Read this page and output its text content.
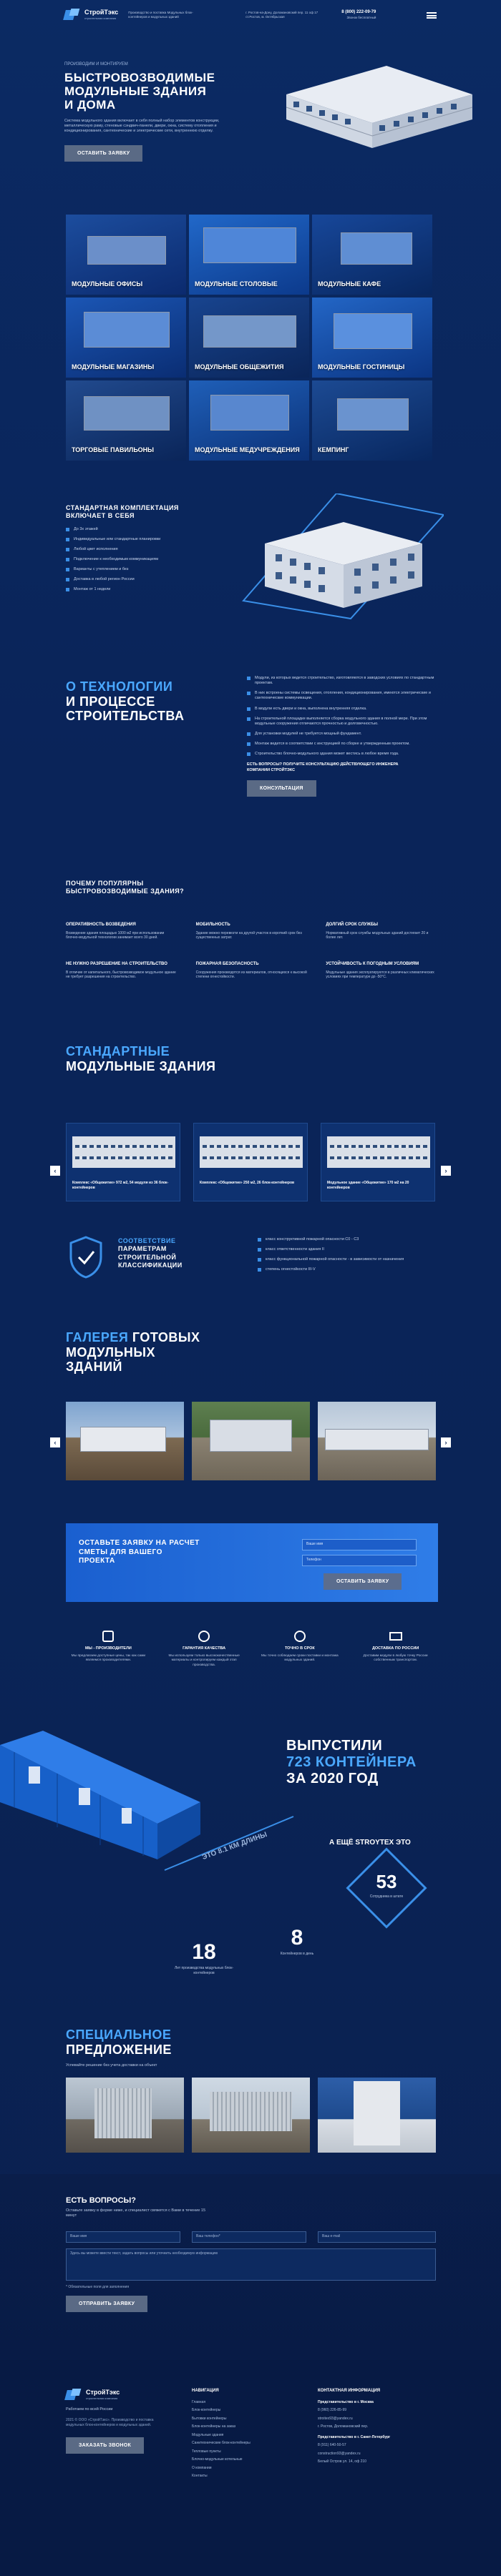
СтройТэкс
строительная компания
Производство и поставка Модульных блок-контейнеров и модульных зданий
г. Ростов-на-Дону, Доломановский пер. 11 оф 17 ст.Ростов, м. Октябрьская
8 (800) 222-09-79
Звонок бесплатный
ПРОИЗВОДИМ И МОНТИРУЕМ
БЫСТРОВОЗВОДИМЫЕ
МОДУЛЬНЫЕ ЗДАНИЯ
И ДОМА
Система модульного здания включает в себя полный набор элементов конструкции, металлическую раму, стеновые сэндвич-панели, двери, окна, систему отопления и кондиционирования, сантехнические и электрические сети, внутреннюю отделку.
ОСТАВИТЬ ЗАЯВКУ
МОДУЛЬНЫЕ ОФИСЫ	МОДУЛЬНЫЕ СТОЛОВЫЕ	МОДУЛЬНЫЕ КАФЕ
МОДУЛЬНЫЕ МАГАЗИНЫ	МОДУЛЬНЫЕ ОБЩЕЖИТИЯ	МОДУЛЬНЫЕ ГОСТИНИЦЫ
ТОРГОВЫЕ ПАВИЛЬОНЫ	МОДУЛЬНЫЕ МЕДУЧРЕЖДЕНИЯ	КЕМПИНГ
СТАНДАРТНАЯ КОМПЛЕКТАЦИЯ
ВКЛЮЧАЕТ В СЕБЯ
До 3х этажей
Индивидуальные или стандартные планировки
Любой цвет исполнения
Подключение к необходимым коммуникациям
Варианты с утеплением и без
Доставка в любой регион России
Монтаж от 1 недели
О ТЕХНОЛОГИИ
И ПРОЦЕССЕ
СТРОИТЕЛЬСТВА
Модули, из которых ведется строительство, изготовляются в заводских условиях по стандартным проектам.
В них встроены системы освещения, отопления, кондиционирования, имеются электрические и сантехнические коммуникации.
В модули есть двери и окна, выполнена внутренняя отделка.
На строительной площадке выполняется сборка модульного здания в полной мере. При этом модульные сооружения отличаются прочностью и долговечностью.
Для установки модулей не требуется мощный фундамент.
Монтаж ведется в соответствии с инструкцией по сборке и утвержденным проектом.
Строительство блочно-модульного здания может вестись в любое время года.
ЕСТЬ ВОПРОСЫ? ПОЛУЧИТЕ КОНСУЛЬТАЦИЮ ДЕЙСТВУЮЩЕГО ИНЖЕНЕРА КОМПАНИИ СТРОЙТЭКС
КОНСУЛЬТАЦИЯ
ПОЧЕМУ ПОПУЛЯРНЫ
БЫСТРОВОЗВОДИМЫЕ ЗДАНИЯ?
ОПЕРАТИВНОСТЬ ВОЗВЕДЕНИЯ
Возведение здания площадью 1000 м2 при использовании блочно-модульной технологии занимает всего 30 дней.
МОБИЛЬНОСТЬ
Здание можно перевезти на другой участок в короткий срок без существенных затрат.
ДОЛГИЙ СРОК СЛУЖБЫ
Нормативный срок службы модульных зданий достигает 20 и более лет.
НЕ НУЖНО РАЗРЕШЕНИЕ НА СТРОИТЕЛЬСТВО
В отличие от капитального, быстровозводимое модульное здание не требует разрешения на строительство.
ПОЖАРНАЯ БЕЗОПАСНОСТЬ
Сооружения производятся из материалов, относящихся к высокой степени огнестойкости.
УСТОЙЧИВОСТЬ К ПОГОДНЫМ УСЛОВИЯМ
Модульные здания эксплуатируются в различных климатических условиях при температуре до -50°С.
СТАНДАРТНЫЕ
МОДУЛЬНЫЕ ЗДАНИЯ
‹	›
Комплекс «Общежитие» 972 м2, 54 модуля из 36 блок-контейнеров
Комплекс «Общежитие» 250 м2, 26 блок-контейнеров	Модульное здание «Общежитие» 170 м2 на 20 контейнеров
СООТВЕТСТВИЕ
ПАРАМЕТРАМ
СТРОИТЕЛЬНОЙ
КЛАССИФИКАЦИИ
класс конструктивной пожарной опасности С0 - С3
класс ответственности здания II
класс функциональной пожарной опасности - в зависимости от назначения
степень огнестойкости III-V
ГАЛЕРЕЯ ГОТОВЫХ
МОДУЛЬНЫХ
ЗДАНИЙ
‹	›
ОСТАВЬТЕ ЗАЯВКУ НА РАСЧЕТ СМЕТЫ ДЛЯ ВАШЕГО ПРОЕКТА
Ваше имя
Телефон
ОСТАВИТЬ ЗАЯВКУ
МЫ - ПРОИЗВОДИТЕЛИ
Мы предлагаем доступные цены, так как сами являемся производителями.
ГАРАНТИЯ КАЧЕСТВА
Мы используем только высококачественные материалы и контролируем каждый этап производства.
ТОЧНО В СРОК
Мы точно соблюдаем сроки поставки и монтажа модульных зданий.
ДОСТАВКА ПО РОССИИ
Доставим модули в любую точку России собственным транспортом.
ВЫПУСТИЛИ
723 КОНТЕЙНЕРА
ЗА 2020 ГОД
ЭТО 8.1 КМ ДЛИНЫ	А ЕЩЁ STROYTEX ЭТО
53
Сотрудника в штате
18
Лет производства модульных блок-контейнеров
8
Контейнеров в день
СПЕЦИАЛЬНОЕ
ПРЕДЛОЖЕНИЕ
Успевайте решение без учета доставки на объект
ЕСТЬ ВОПРОСЫ?
Оставьте заявку в форме ниже, и специалист свяжется с Вами в течение 15 минут
Ваше имя	Ваш телефон*	Ваш e-mail
Здесь вы можете ввести текст, задать вопросы или уточнить необходимую информацию
* Обязательные поля для заполнения
ОТПРАВИТЬ ЗАЯВКУ
СтройТэкс
строительная компания
Работаем по всей России
2021 © ООО «СтройТэкс». Производство и поставка модульных блок-контейнеров и модульных зданий.
ЗАКАЗАТЬ ЗВОНОК
НАВИГАЦИЯ
Главная
Блок-контейнеры
Бытовки контейнеры
Блок-контейнеры на заказ
Модульные здания
Санитехнические блок-контейнеры
Тепловые пункты
Блочно-модульные котельные
О компании
Контакты
КОНТАКТНАЯ ИНФОРМАЦИЯ
Представительство в г. Москва
8 (960) 226-85-99
stroitex93@yandex.ru
г. Ростов, Доломановский пер.
Представительство в г. Санкт-Петербург
8 (911) 640-50-57
construction93@yandex.ru
Белый Остров ул. 14, оф 210
